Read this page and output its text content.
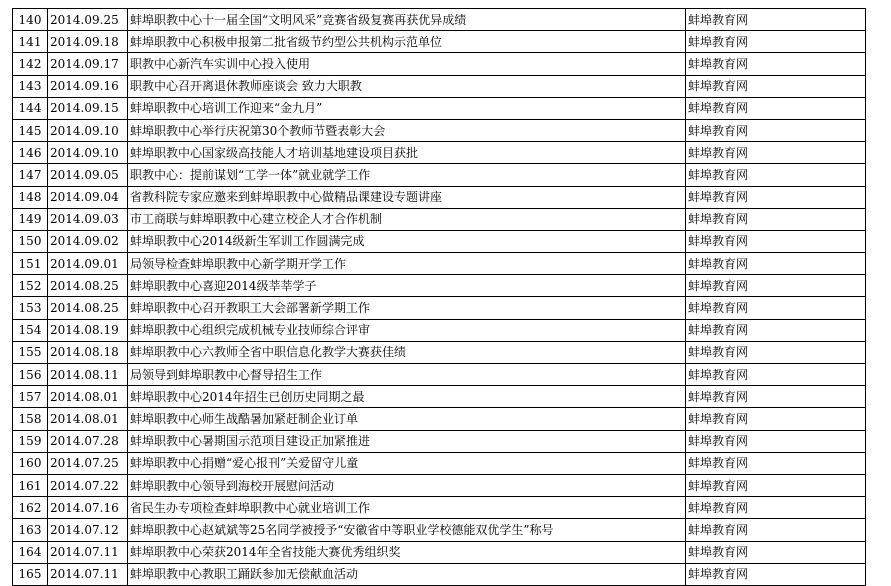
140	2014.09.25	蚌埠职教中心十一届全国“文明风采”竞赛省级复赛再获优异成绩	蚌埠教育网
141	2014.09.18	蚌埠职教中心积极申报第二批省级节约型公共机构示范单位	蚌埠教育网
142	2014.09.17	职教中心新汽车实训中心投入使用	蚌埠教育网
143	2014.09.16	职教中心召开离退休教师座谈会 致力大职教	蚌埠教育网
144	2014.09.15	蚌埠职教中心培训工作迎来“金九月”	蚌埠教育网
145	2014.09.10	蚌埠职教中心举行庆祝第30个教师节暨表彰大会	蚌埠教育网
146	2014.09.10	蚌埠职教中心国家级高技能人才培训基地建设项目获批	蚌埠教育网
147	2014.09.05	职教中心：提前谋划“工学一体”就业就学工作	蚌埠教育网
148	2014.09.04	省教科院专家应邀来到蚌埠职教中心做精品课建设专题讲座	蚌埠教育网
149	2014.09.03	市工商联与蚌埠职教中心建立校企人才合作机制	蚌埠教育网
150	2014.09.02	蚌埠职教中心2014级新生军训工作圆满完成	蚌埠教育网
151	2014.09.01	局领导检查蚌埠职教中心新学期开学工作	蚌埠教育网
152	2014.08.25	蚌埠职教中心喜迎2014级莘莘学子	蚌埠教育网
153	2014.08.25	蚌埠职教中心召开教职工大会部署新学期工作	蚌埠教育网
154	2014.08.19	蚌埠职教中心组织完成机械专业技师综合评审	蚌埠教育网
155	2014.08.18	蚌埠职教中心六教师全省中职信息化教学大赛获佳绩	蚌埠教育网
156	2014.08.11	局领导到蚌埠职教中心督导招生工作	蚌埠教育网
157	2014.08.01	蚌埠职教中心2014年招生已创历史同期之最	蚌埠教育网
158	2014.08.01	蚌埠职教中心师生战酷暑加紧赶制企业订单	蚌埠教育网
159	2014.07.28	蚌埠职教中心暑期国示范项目建设正加紧推进	蚌埠教育网
160	2014.07.25	蚌埠职教中心捐赠“爱心报刊”关爱留守儿童	蚌埠教育网
161	2014.07.22	蚌埠职教中心领导到海校开展慰问活动	蚌埠教育网
162	2014.07.16	省民生办专项检查蚌埠职教中心就业培训工作	蚌埠教育网
163	2014.07.12	蚌埠职教中心赵斌斌等25名同学被授予“安徽省中等职业学校德能双优学生”称号	蚌埠教育网
164	2014.07.11	蚌埠职教中心荣获2014年全省技能大赛优秀组织奖	蚌埠教育网
165	2014.07.11	蚌埠职教中心教职工踊跃参加无偿献血活动	蚌埠教育网
